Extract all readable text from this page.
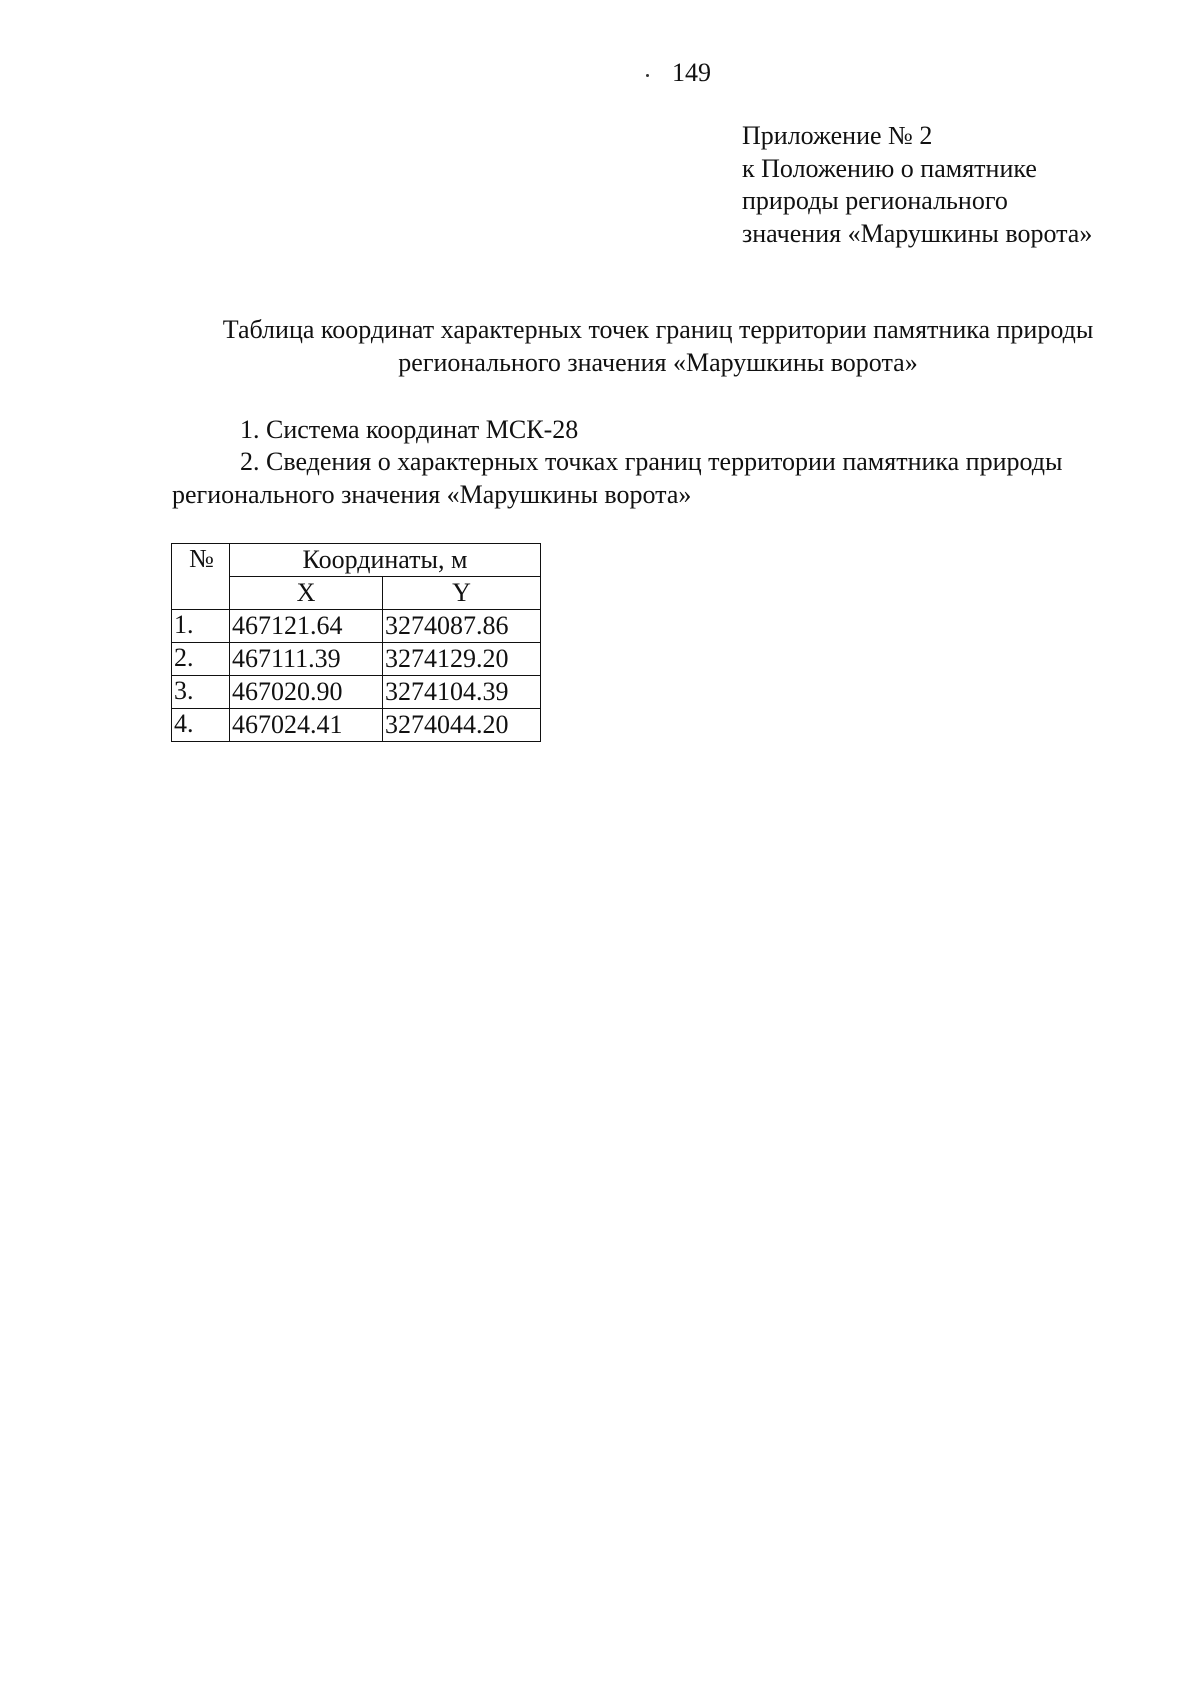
149
Приложение № 2
к Положению о памятнике
природы регионального
значения «Марушкины ворота»
Таблица координат характерных точек границ территории памятника природы
регионального значения «Марушкины ворота»
1. Система координат МСК-28
2. Сведения о характерных точках границ территории памятника природы
регионального значения «Марушкины ворота»
№	Координаты, м	
	X	Y
1.	467121.64	3274087.86
2.	467111.39	3274129.20
3.	467020.90	3274104.39
4.	467024.41	3274044.20
